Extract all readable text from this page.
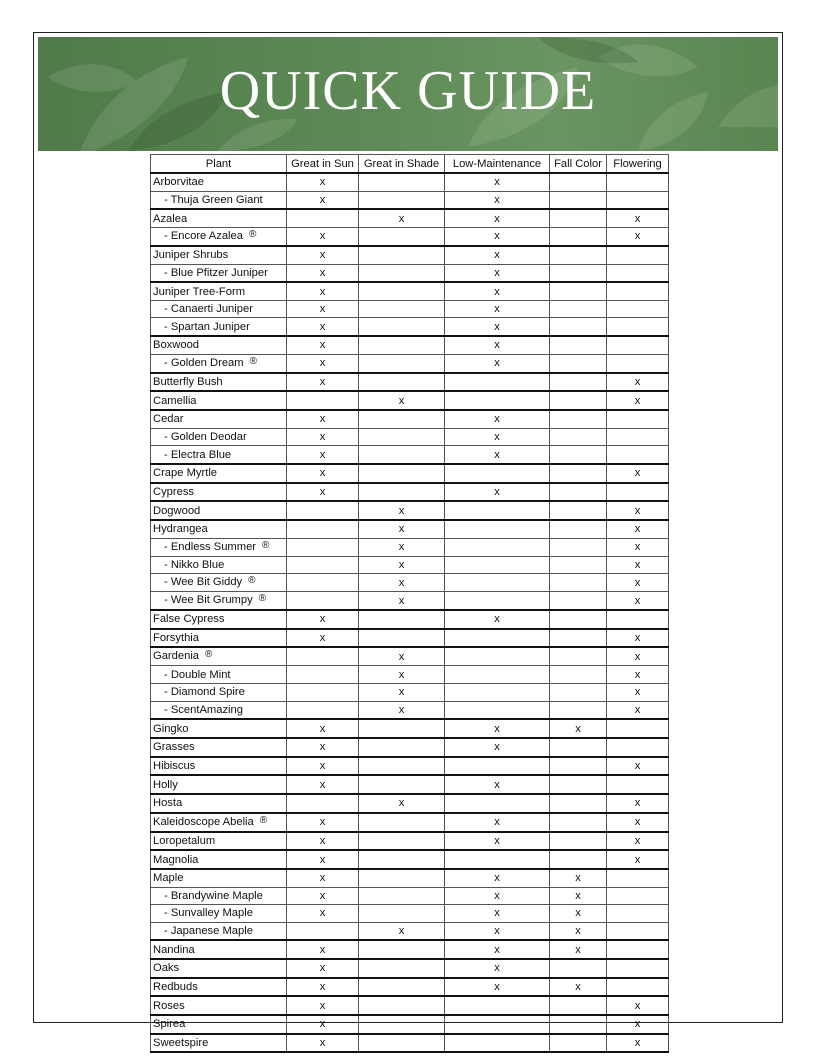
QUICK GUIDE
Plant	Great in Sun	Great in Shade	Low-Maintenance	Fall Color	Flowering
Arborvitae	x		x		
- Thuja Green Giant	x		x		
Azalea		x	x		x
- Encore Azalea ®	x		x		x
Juniper Shrubs	x		x		
- Blue Pfitzer Juniper	x		x		
Juniper Tree-Form	x		x		
- Canaerti Juniper	x		x		
- Spartan Juniper	x		x		
Boxwood	x		x		
- Golden Dream ®	x		x		
Butterfly Bush	x				x
Camellia		x			x
Cedar	x		x		
- Golden Deodar	x		x		
- Electra Blue	x		x		
Crape Myrtle	x				x
Cypress	x		x		
Dogwood		x			x
Hydrangea		x			x
- Endless Summer ®		x			x
- Nikko Blue		x			x
- Wee Bit Giddy ®		x			x
- Wee Bit Grumpy ®		x			x
False Cypress	x		x		
Forsythia	x				x
Gardenia ®		x			x
- Double Mint		x			x
- Diamond Spire		x			x
- ScentAmazing		x			x
Gingko	x		x	x	
Grasses	x		x		
Hibiscus	x				x
Holly	x		x		
Hosta		x			x
Kaleidoscope Abelia ®	x		x		x
Loropetalum	x		x		x
Magnolia	x				x
Maple	x		x	x	
- Brandywine Maple	x		x	x	
- Sunvalley Maple	x		x	x	
- Japanese Maple		x	x	x	
Nandina	x		x	x	
Oaks	x		x		
Redbuds	x		x	x	
Roses	x				x
Spirea	x				x
Sweetspire	x				x
